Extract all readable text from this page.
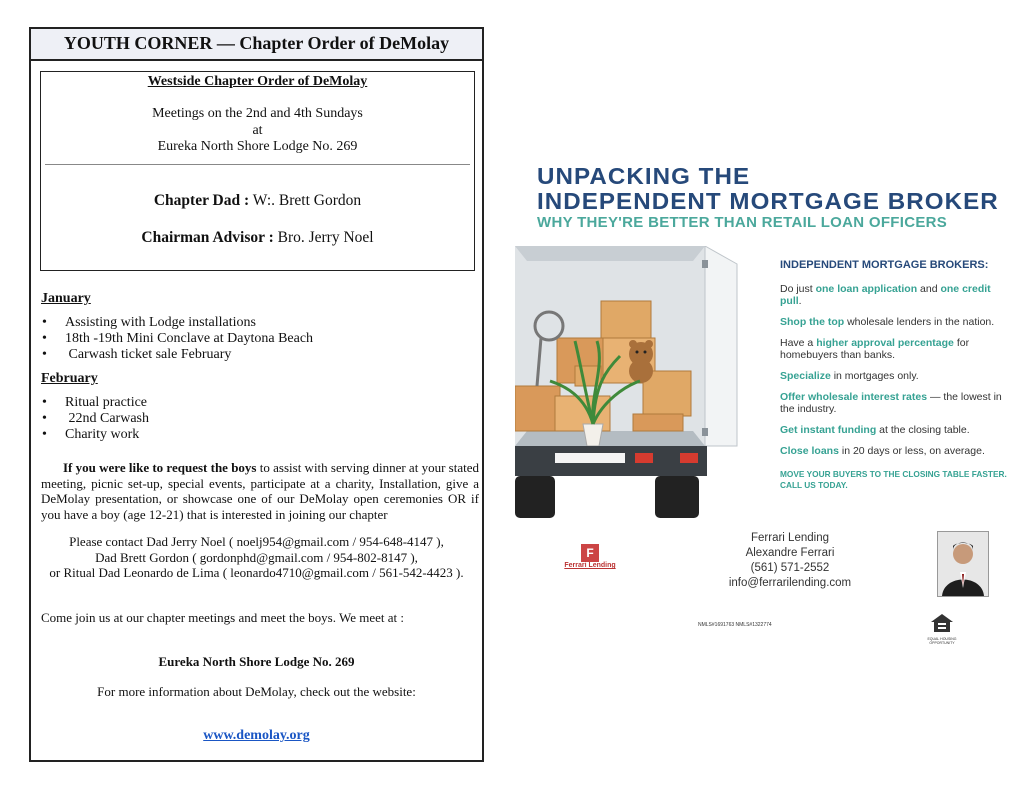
YOUTH CORNER — Chapter Order of DeMolay
Westside Chapter Order of DeMolay
Meetings on the 2nd and 4th Sundays
at
Eureka North Shore Lodge No. 269
Chapter Dad : W:. Brett Gordon
Chairman Advisor : Bro. Jerry Noel
January
• Assisting with Lodge installations
• 18th -19th Mini Conclave at Daytona Beach
•  Carwash ticket sale February
February
• Ritual practice
•  22nd Carwash
• Charity work
If you were like to request the boys to assist with serving dinner at your stated meeting, picnic set-up, special events, participate at a charity, Installation, give a DeMolay presentation, or showcase one of our DeMolay open ceremonies OR if you have a boy (age 12-21) that is interested in joining our chapter
Please contact Dad Jerry Noel ( noelj954@gmail.com / 954-648-4147 ),
Dad Brett Gordon ( gordonphd@gmail.com / 954-802-8147 ),
or Ritual Dad Leonardo de Lima ( leonardo4710@gmail.com / 561-542-4423 ).
Come join us at our chapter meetings and meet the boys. We meet at :
Eureka North Shore Lodge No. 269
For more information about DeMolay, check out the website:
www.demolay.org
UNPACKING THE
INDEPENDENT MORTGAGE BROKER
WHY THEY'RE BETTER THAN RETAIL LOAN OFFICERS
INDEPENDENT MORTGAGE BROKERS:
Do just one loan application and one credit pull.
Shop the top wholesale lenders in the nation.
Have a higher approval percentage for homebuyers than banks.
Specialize in mortgages only.
Offer wholesale interest rates — the lowest in the industry.
Get instant funding at the closing table.
Close loans in 20 days or less, on average.
MOVE YOUR BUYERS TO THE CLOSING TABLE FASTER. CALL US TODAY.
F
Ferrari Lending
Ferrari Lending
Alexandre Ferrari
(561) 571-2552
info@ferrarilending.com
NMLS#1691763 NMLS#1322774
EQUAL HOUSING OPPORTUNITY
